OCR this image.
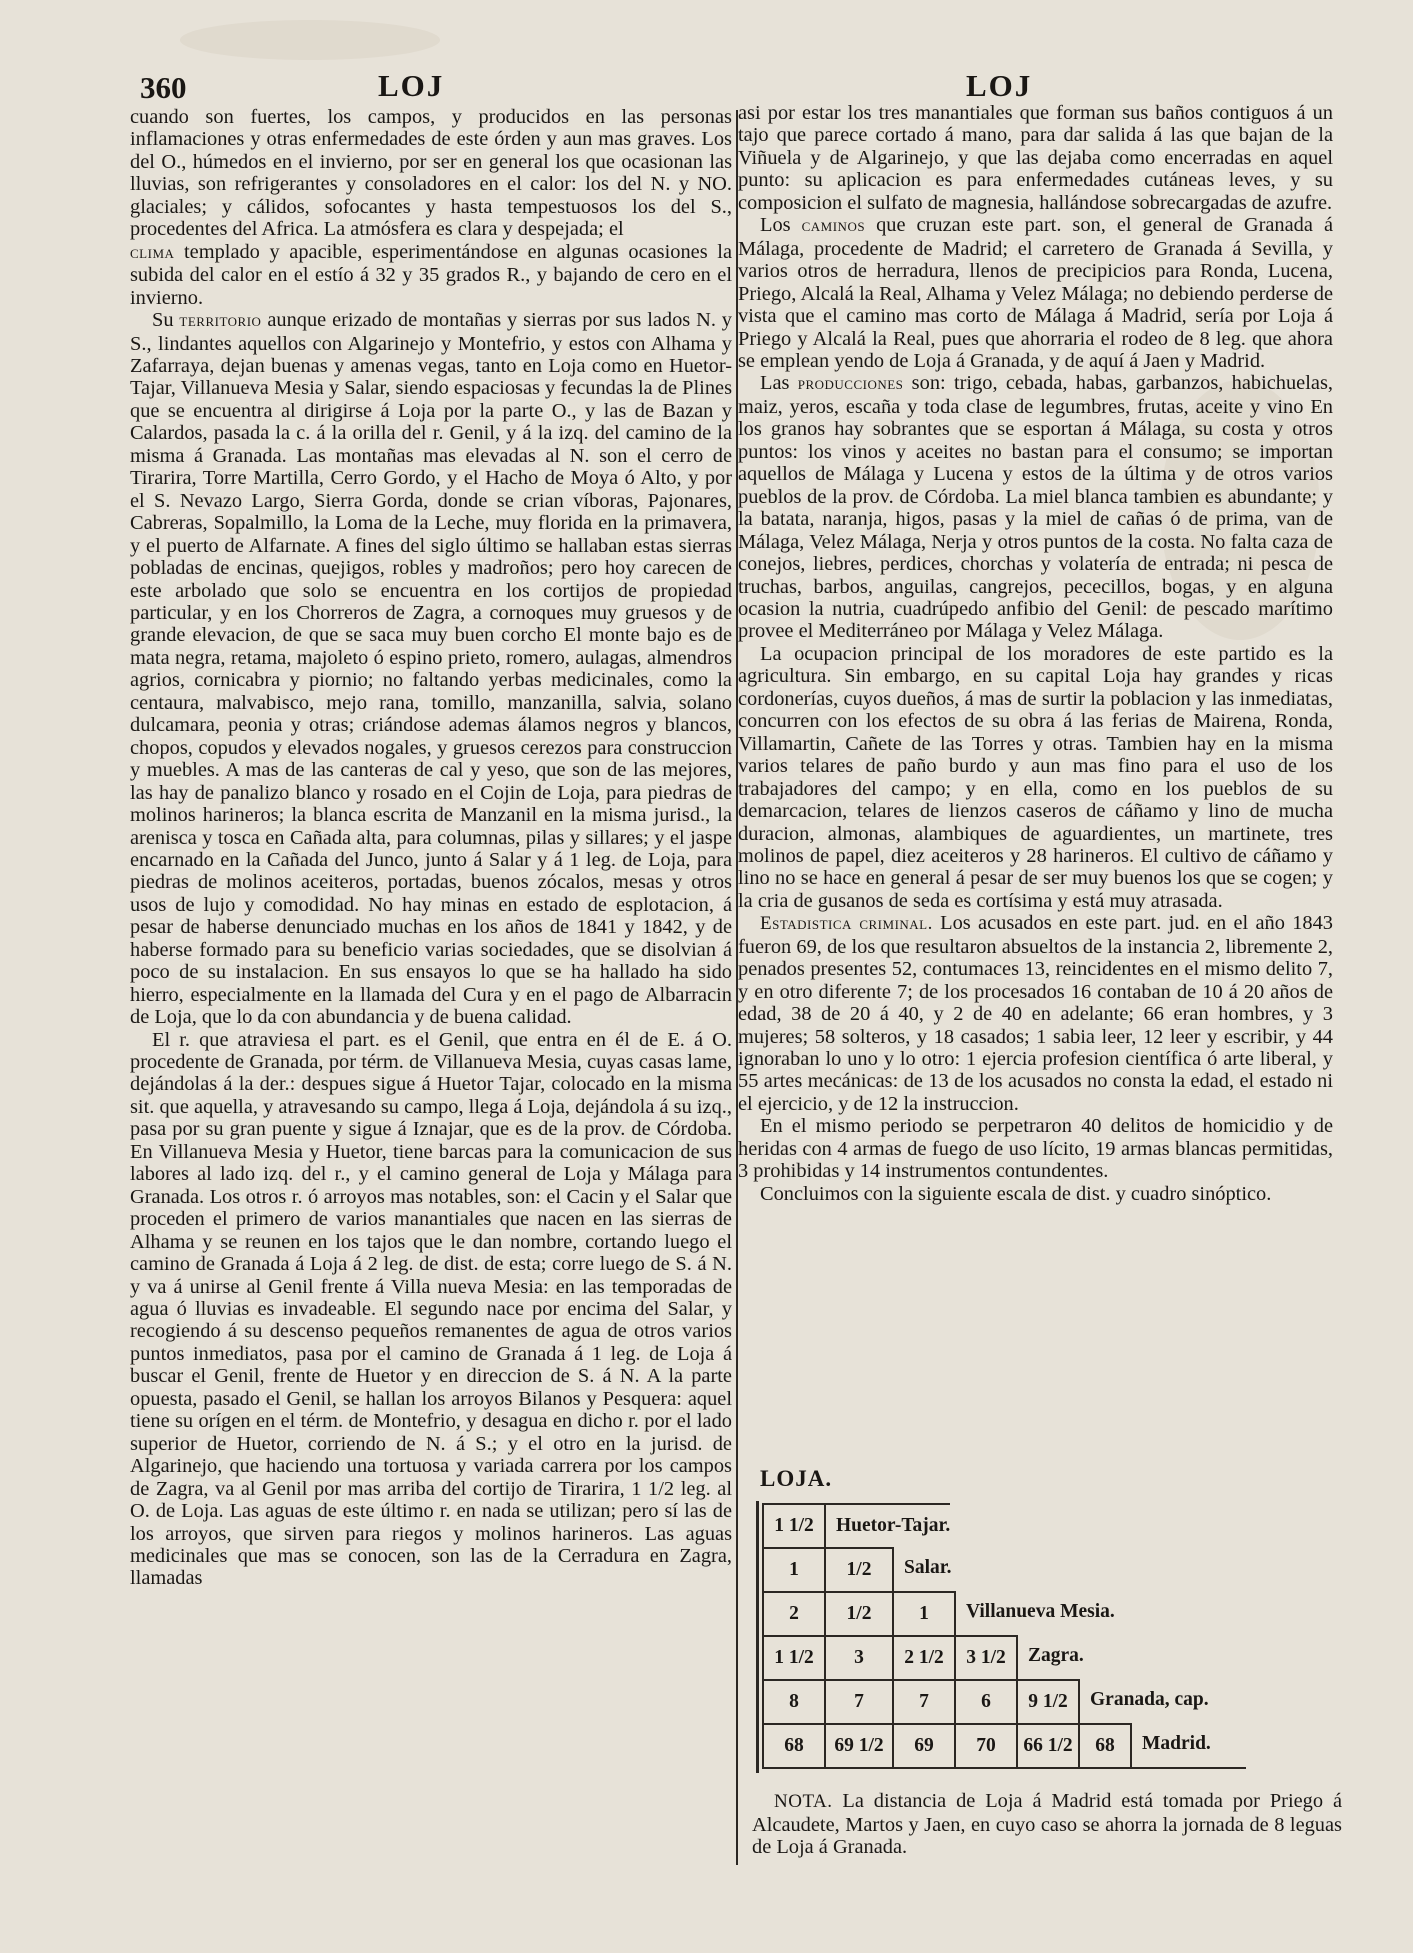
360	LOJ	LOJ

cuando son fuertes, los campos, y producidos en las personas inflamaciones y otras enfermedades de este órden y aun mas graves. Los del O., húmedos en el invierno, por ser en general los que ocasionan las lluvias, son refrigerantes y consoladores en el calor: los del N. y NO. glaciales; y cálidos, sofocantes y hasta tempestuosos los del S., procedentes del Africa. La atmósfera es clara y despejada; el

clima templado y apacible, esperimentándose en algunas ocasiones la subida del calor en el estío á 32 y 35 grados R., y bajando de cero en el invierno.

Su territorio aunque erizado de montañas y sierras por sus lados N. y S., lindantes aquellos con Algarinejo y Montefrio, y estos con Alhama y Zafarraya, dejan buenas y amenas vegas, tanto en Loja como en Huetor-Tajar, Villanueva Mesia y Salar, siendo espaciosas y fecundas la de Plines que se encuentra al dirigirse á Loja por la parte O., y las de Bazan y Calardos, pasada la c. á la orilla del r. Genil, y á la izq. del camino de la misma á Granada. Las montañas mas elevadas al N. son el cerro de Tirarira, Torre Martilla, Cerro Gordo, y el Hacho de Moya ó Alto, y por el S. Nevazo Largo, Sierra Gorda, donde se crian víboras, Pajonares, Cabreras, Sopalmillo, la Loma de la Leche, muy florida en la primavera, y el puerto de Alfarnate. A fines del siglo último se hallaban estas sierras pobladas de encinas, quejigos, robles y madroños; pero hoy carecen de este arbolado que solo se encuentra en los cortijos de propiedad particular, y en los Chorreros de Zagra, a cornoques muy gruesos y de grande elevacion, de que se saca muy buen corcho El monte bajo es de mata negra, retama, majoleto ó espino prieto, romero, aulagas, almendros agrios, cornicabra y piornio; no faltando yerbas medicinales, como la centaura, malvabisco, mejo rana, tomillo, manzanilla, salvia, solano dulcamara, peonia y otras; criándose ademas álamos negros y blancos, chopos, copudos y elevados nogales, y gruesos cerezos para construccion y muebles. A mas de las canteras de cal y yeso, que son de las mejores, las hay de panalizo blanco y rosado en el Cojin de Loja, para piedras de molinos harineros; la blanca escrita de Manzanil en la misma jurisd., la arenisca y tosca en Cañada alta, para columnas, pilas y sillares; y el jaspe encarnado en la Cañada del Junco, junto á Salar y á 1 leg. de Loja, para piedras de molinos aceiteros, portadas, buenos zócalos, mesas y otros usos de lujo y comodidad. No hay minas en estado de esplotacion, á pesar de haberse denunciado muchas en los años de 1841 y 1842, y de haberse formado para su beneficio varias sociedades, que se disolvian á poco de su instalacion. En sus ensayos lo que se ha hallado ha sido hierro, especialmente en la llamada del Cura y en el pago de Albarracin de Loja, que lo da con abundancia y de buena calidad.

El r. que atraviesa el part. es el Genil, que entra en él de E. á O. procedente de Granada, por térm. de Villanueva Mesia, cuyas casas lame, dejándolas á la der.: despues sigue á Huetor Tajar, colocado en la misma sit. que aquella, y atravesando su campo, llega á Loja, dejándola á su izq., pasa por su gran puente y sigue á Iznajar, que es de la prov. de Córdoba. En Villanueva Mesia y Huetor, tiene barcas para la comunicacion de sus labores al lado izq. del r., y el camino general de Loja y Málaga para Granada. Los otros r. ó arroyos mas notables, son: el Cacin y el Salar que proceden el primero de varios manantiales que nacen en las sierras de Alhama y se reunen en los tajos que le dan nombre, cortando luego el camino de Granada á Loja á 2 leg. de dist. de esta; corre luego de S. á N. y va á unirse al Genil frente á Villa nueva Mesia: en las temporadas de agua ó lluvias es invadeable. El segundo nace por encima del Salar, y recogiendo á su descenso pequeños remanentes de agua de otros varios puntos inmediatos, pasa por el camino de Granada á 1 leg. de Loja á buscar el Genil, frente de Huetor y en direccion de S. á N. A la parte opuesta, pasado el Genil, se hallan los arroyos Bilanos y Pesquera: aquel tiene su orígen en el térm. de Montefrio, y desagua en dicho r. por el lado superior de Huetor, corriendo de N. á S.; y el otro en la jurisd. de Algarinejo, que haciendo una tortuosa y variada carrera por los campos de Zagra, va al Genil por mas arriba del cortijo de Tirarira, 1 1/2 leg. al O. de Loja. Las aguas de este último r. en nada se utilizan; pero sí las de los arroyos, que sirven para riegos y molinos harineros. Las aguas medicinales que mas se conocen, son las de la Cerradura en Zagra, llamadas

asi por estar los tres manantiales que forman sus baños contiguos á un tajo que parece cortado á mano, para dar salida á las que bajan de la Viñuela y de Algarinejo, y que las dejaba como encerradas en aquel punto: su aplicacion es para enfermedades cutáneas leves, y su composicion el sulfato de magnesia, hallándose sobrecargadas de azufre.

Los caminos que cruzan este part. son, el general de Granada á Málaga, procedente de Madrid; el carretero de Granada á Sevilla, y varios otros de herradura, llenos de precipicios para Ronda, Lucena, Priego, Alcalá la Real, Alhama y Velez Málaga; no debiendo perderse de vista que el camino mas corto de Málaga á Madrid, sería por Loja á Priego y Alcalá la Real, pues que ahorraria el rodeo de 8 leg. que ahora se emplean yendo de Loja á Granada, y de aquí á Jaen y Madrid.

Las producciones son: trigo, cebada, habas, garbanzos, habichuelas, maiz, yeros, escaña y toda clase de legumbres, frutas, aceite y vino En los granos hay sobrantes que se esportan á Málaga, su costa y otros puntos: los vinos y aceites no bastan para el consumo; se importan aquellos de Málaga y Lucena y estos de la última y de otros varios pueblos de la prov. de Córdoba. La miel blanca tambien es abundante; y la batata, naranja, higos, pasas y la miel de cañas ó de prima, van de Málaga, Velez Málaga, Nerja y otros puntos de la costa. No falta caza de conejos, liebres, perdices, chorchas y volatería de entrada; ni pesca de truchas, barbos, anguilas, cangrejos, pececillos, bogas, y en alguna ocasion la nutria, cuadrúpedo anfibio del Genil: de pescado marítimo provee el Mediterráneo por Málaga y Velez Málaga.

La ocupacion principal de los moradores de este partido es la agricultura. Sin embargo, en su capital Loja hay grandes y ricas cordonerías, cuyos dueños, á mas de surtir la poblacion y las inmediatas, concurren con los efectos de su obra á las ferias de Mairena, Ronda, Villamartin, Cañete de las Torres y otras. Tambien hay en la misma varios telares de paño burdo y aun mas fino para el uso de los trabajadores del campo; y en ella, como en los pueblos de su demarcacion, telares de lienzos caseros de cáñamo y lino de mucha duracion, almonas, alambiques de aguardientes, un martinete, tres molinos de papel, diez aceiteros y 28 harineros. El cultivo de cáñamo y lino no se hace en general á pesar de ser muy buenos los que se cogen; y la cria de gusanos de seda es cortísima y está muy atrasada.

Estadistica criminal. Los acusados en este part. jud. en el año 1843 fueron 69, de los que resultaron absueltos de la instancia 2, libremente 2, penados presentes 52, contumaces 13, reincidentes en el mismo delito 7, y en otro diferente 7; de los procesados 16 contaban de 10 á 20 años de edad, 38 de 20 á 40, y 2 de 40 en adelante; 66 eran hombres, y 3 mujeres; 58 solteros, y 18 casados; 1 sabia leer, 12 leer y escribir, y 44 ignoraban lo uno y lo otro: 1 ejercia profesion científica ó arte liberal, y 55 artes mecánicas: de 13 de los acusados no consta la edad, el estado ni el ejercicio, y de 12 la instruccion.

En el mismo periodo se perpetraron 40 delitos de homicidio y de heridas con 4 armas de fuego de uso lícito, 19 armas blancas permitidas, 3 prohibidas y 14 instrumentos contundentes.

Concluimos con la siguiente escala de dist. y cuadro sinóptico.

LOJA.
1 1/2	Hueto​r-Tajar.
1	1/2	Salar.
2	1/2	1	Villanueva Mesia.
1 1/2	3	2 1/2	3 1/2	Zagra.
8	7	7	6	9 1/2	Granada, cap.
68	69 1/2	69	70	66 1/2	68	Madrid.
NOTA. La distancia de Loja á Madrid está tomada por Priego á Alcaudete, Martos y Jaen, en cuyo caso se ahorra la jornada de 8 leguas de Loja á Granada.
